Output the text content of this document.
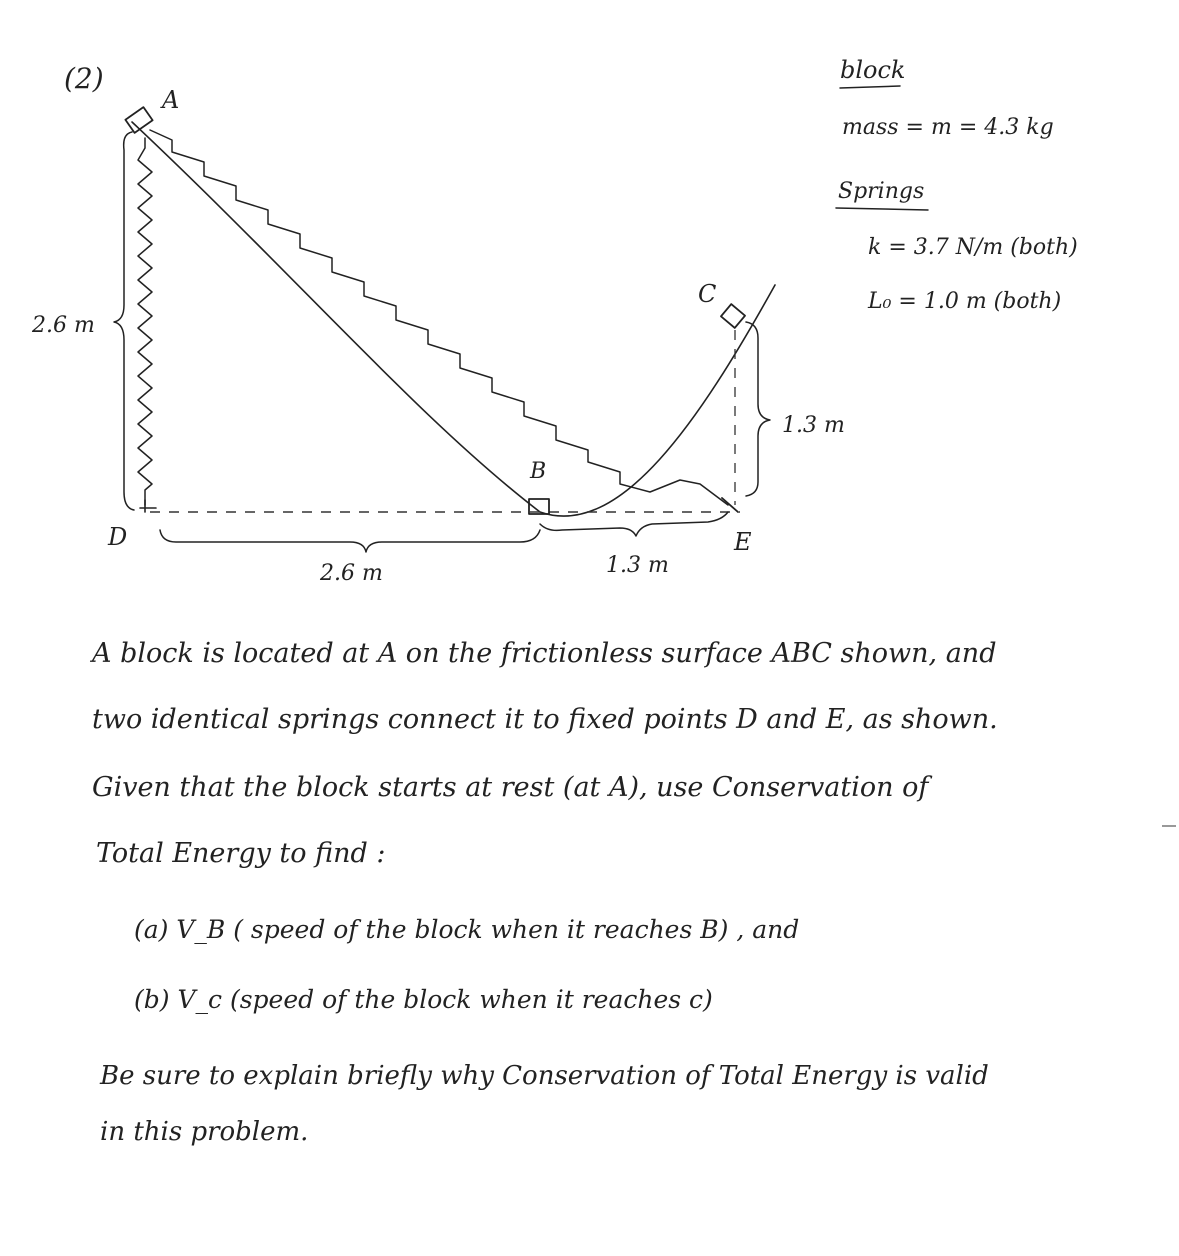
(2)
A
B
C
D	E
2.6 m
1.3 m
2.6 m	1.3 m
block
mass = m = 4.3 kg
Springs
k = 3.7 N/m (both)
L₀ = 1.0 m (both)
A block is located at A on the frictionless surface ABC shown, and
two identical springs connect it to fixed points D and E, as shown.
Given that the block starts at rest (at A), use Conservation of
Total Energy to find :
(a) V_B ( speed of the block when it reaches B) , and
(b) V_c (speed of the block when it reaches c)
Be sure to explain briefly why Conservation of Total Energy is valid
in this problem.
